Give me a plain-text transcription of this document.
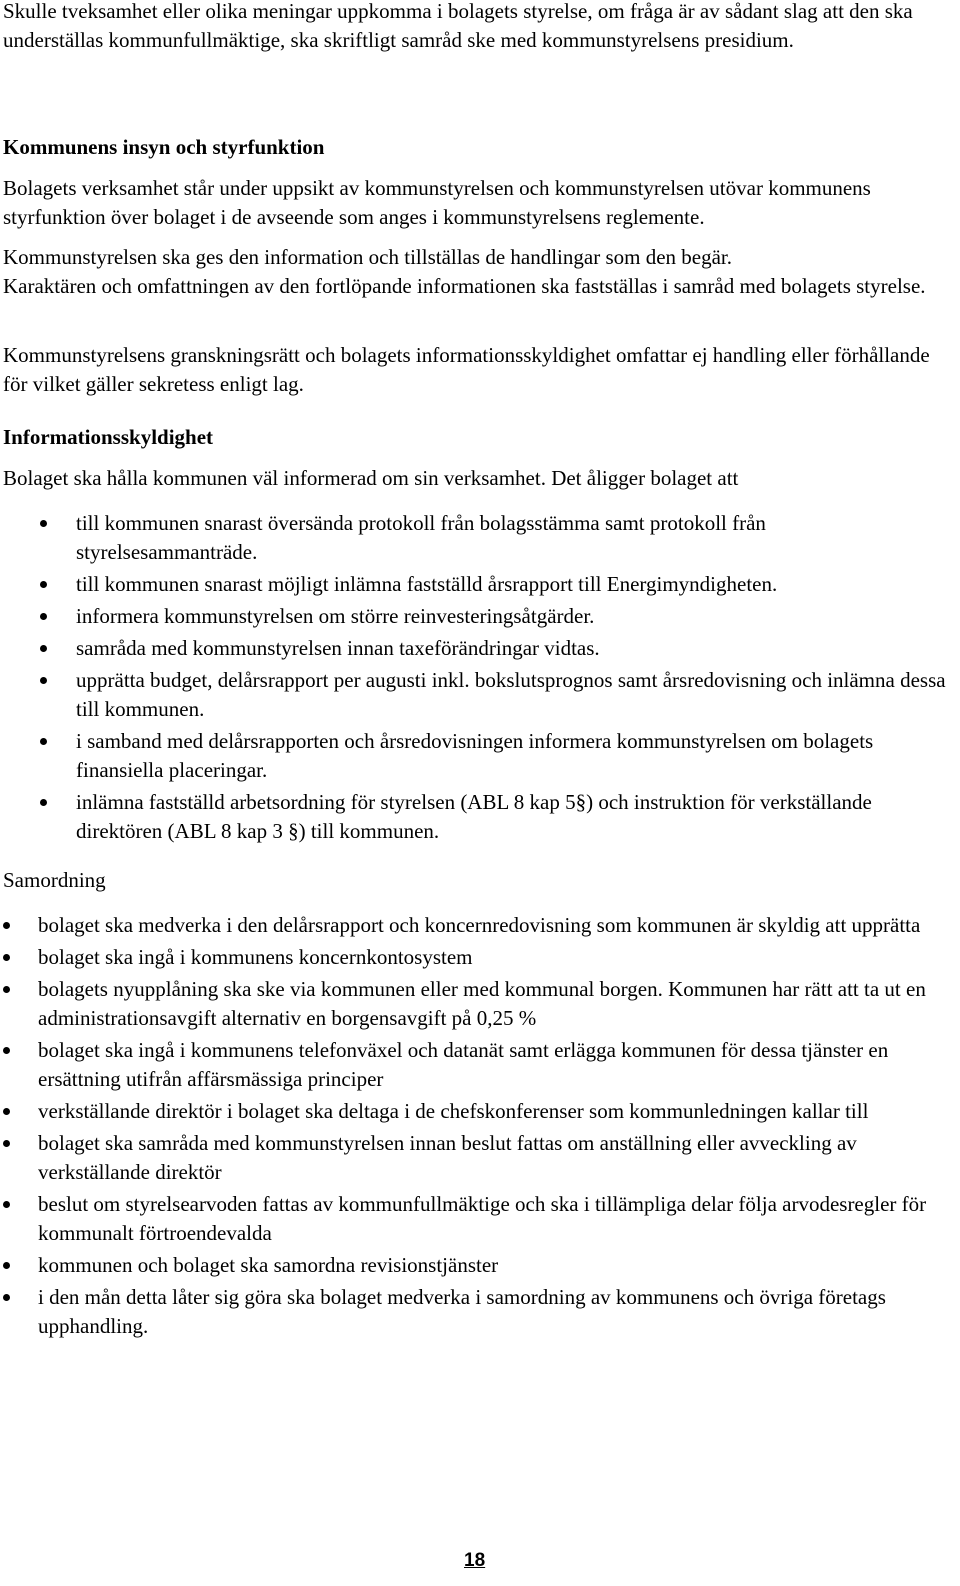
Skulle tveksamhet eller olika meningar uppkomma i bolagets styrelse, om fråga är av sådant slag att den ska underställas kommunfullmäktige, ska skriftligt samråd ske med kommunstyrelsens presidium.

Kommunens insyn och styrfunktion

Bolagets verksamhet står under uppsikt av kommunstyrelsen och kommunstyrelsen utövar kommunens styrfunktion över bolaget i de avseende som anges i kommunstyrelsens reglemente.

Kommunstyrelsen ska ges den information och tillställas de handlingar som den begär.

Karaktären och omfattningen av den fortlöpande informationen ska fastställas i samråd med bolagets styrelse.

Kommunstyrelsens granskningsrätt och bolagets informationsskyldighet omfattar ej handling eller förhållande för vilket gäller sekretess enligt lag.

Informationsskyldighet

Bolaget ska hålla kommunen väl informerad om sin verksamhet. Det åligger bolaget att

till kommunen snarast översända protokoll från bolagsstämma samt protokoll från styrelsesammanträde.
till kommunen snarast möjligt inlämna fastställd årsrapport till Energimyndigheten.
informera kommunstyrelsen om större reinvesteringsåtgärder.
samråda med kommunstyrelsen innan taxeförändringar vidtas.
upprätta budget, delårsrapport per augusti inkl. bokslutsprognos samt årsredovisning och inlämna dessa till kommunen.
i samband med delårsrapporten och årsredovisningen informera kommunstyrelsen om bolagets finansiella placeringar.
inlämna fastställd arbetsordning för styrelsen (ABL 8 kap 5§) och instruktion för verkställande direktören (ABL 8 kap 3 §) till kommunen.

Samordning

bolaget ska medverka i den delårsrapport och koncernredovisning som kommunen är skyldig att upprätta
bolaget ska ingå i kommunens koncernkontosystem
bolagets nyupplåning ska ske via kommunen eller med kommunal borgen. Kommunen har rätt att ta ut en administrationsavgift alternativ en borgensavgift på 0,25 %
bolaget ska ingå i kommunens telefonväxel och datanät samt erlägga kommunen för dessa tjänster en ersättning utifrån affärsmässiga principer
verkställande direktör i bolaget ska deltaga i de chefskonferenser som kommunledningen kallar till
bolaget ska samråda med kommunstyrelsen innan beslut fattas om anställning eller avveckling av verkställande direktör
beslut om styrelsearvoden fattas av kommunfullmäktige och ska i tillämpliga delar följa arvodesregler för kommunalt förtroendevalda
kommunen och bolaget ska samordna revisionstjänster
i den mån detta låter sig göra ska bolaget medverka i samordning av kommunens och övriga företags upphandling.
18
